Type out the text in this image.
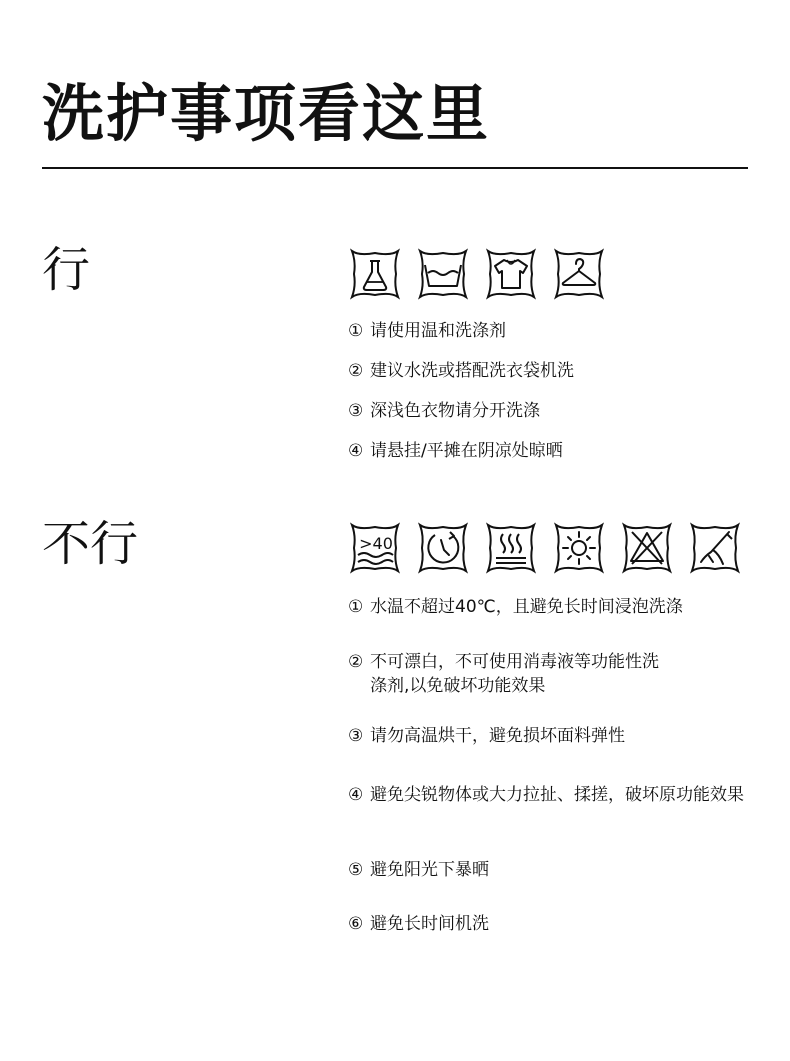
洗护事项看这里
行
① 请使用温和洗涤剂
② 建议水洗或搭配洗衣袋机洗
③ 深浅色衣物请分开洗涤
④ 请悬挂/平摊在阴凉处晾晒
不行	>40
① 水温不超过40℃，且避免长时间浸泡洗涤
② 不可漂白，不可使用消毒液等功能性洗涤剂,以免破坏功能效果
③ 请勿高温烘干，避免损坏面料弹性
④ 避免尖锐物体或大力拉扯、揉搓，破坏原功能效果
⑤ 避免阳光下暴晒
⑥ 避免长时间机洗
